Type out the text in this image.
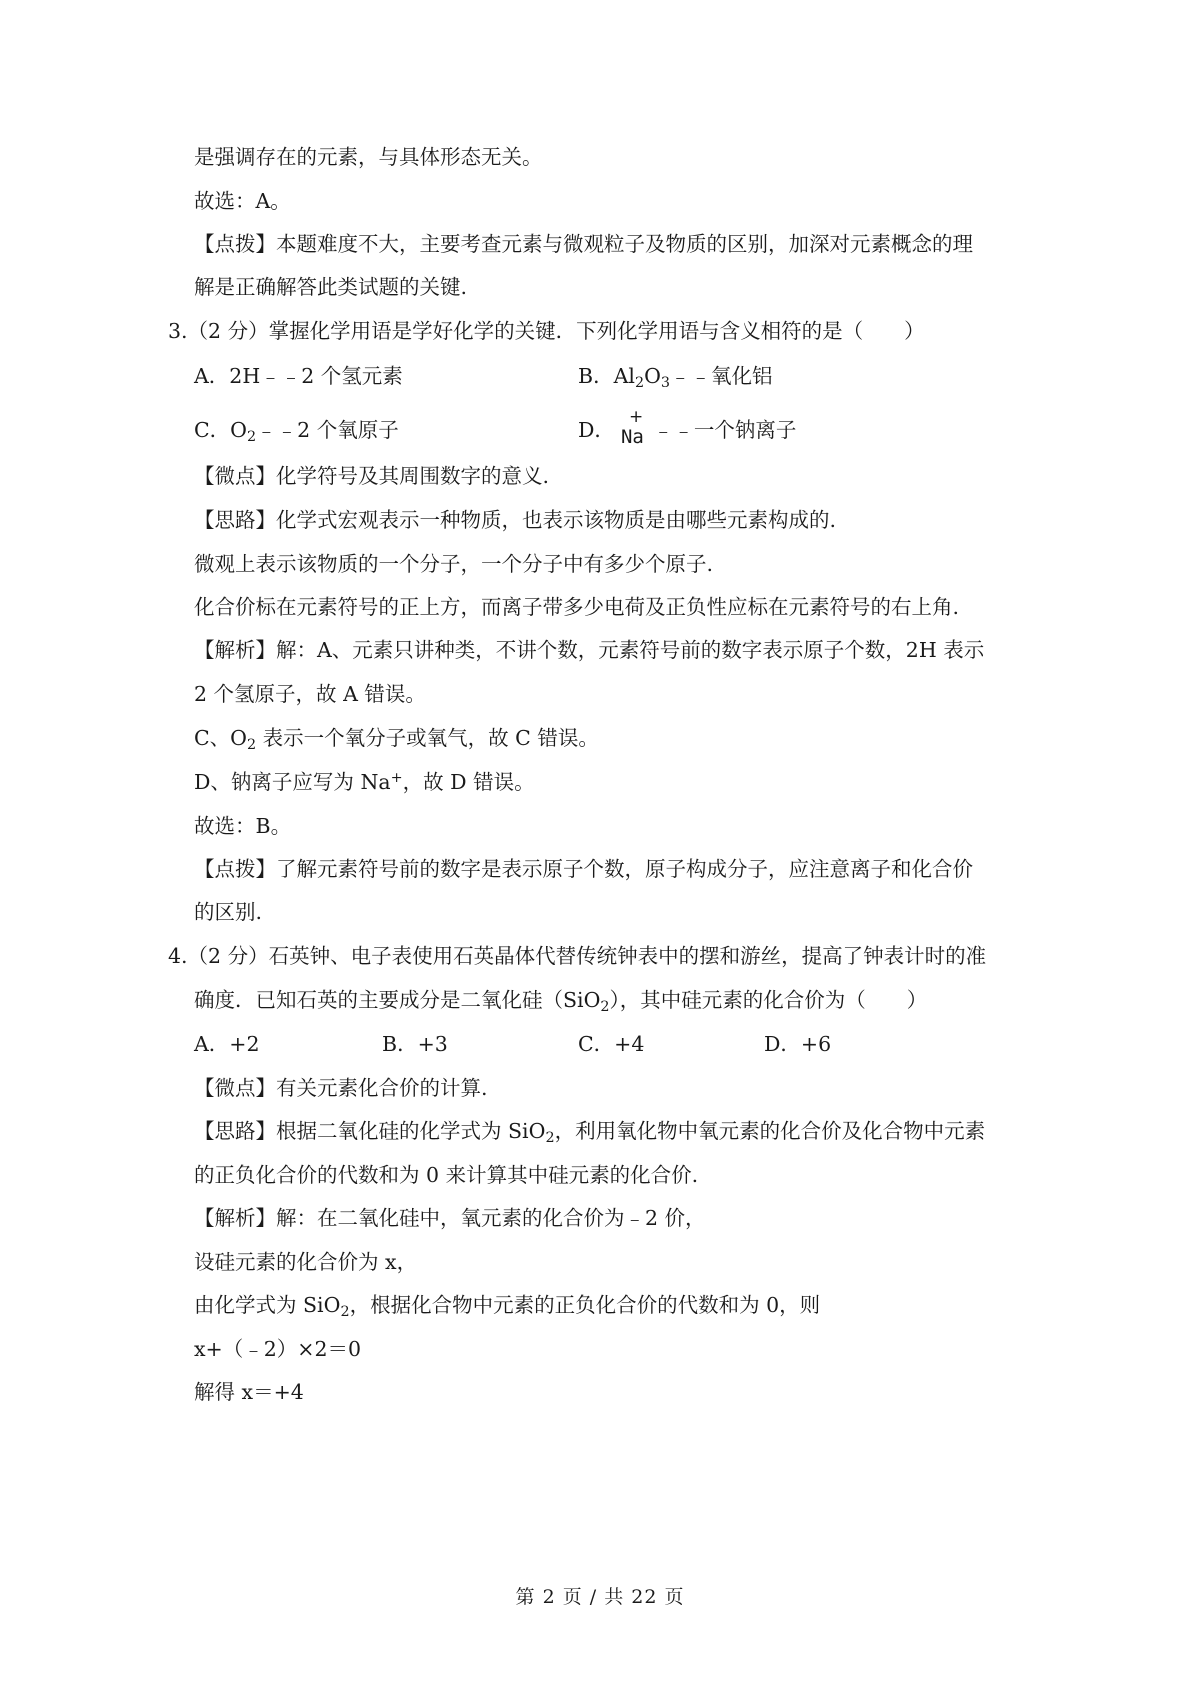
是强调存在的元素，与具体形态无关。
故选：A。
【点拨】本题难度不大，主要考查元素与微观粒子及物质的区别，加深对元素概念的理
解是正确解答此类试题的关键.
3.（2 分）掌握化学用语是学好化学的关键．下列化学用语与含义相符的是（　　）
A．2H﹣﹣2 个氢元素	B．$Al_2O_3﹣﹣$氧化铝
C．$O_2﹣﹣2$ 个氧原子	D．
+
Na ﹣﹣一个钠离子
【微点】化学符号及其周围数字的意义.
【思路】化学式宏观表示一种物质，也表示该物质是由哪些元素构成的.
微观上表示该物质的一个分子，一个分子中有多少个原子.
化合价标在元素符号的正上方，而离子带多少电荷及正负性应标在元素符号的右上角.
【解析】解：A、元素只讲种类，不讲个数，元素符号前的数字表示原子个数，2H 表示
2 个氢原子，故 A 错误。
C、$O_2$ 表示一个氧分子或氧气，故 C 错误。
D、钠离子应写为 Na+，故 D 错误。
故选：B。
【点拨】了解元素符号前的数字是表示原子个数，原子构成分子，应注意离子和化合价
的区别.
4.（2 分）石英钟、电子表使用石英晶体代替传统钟表中的摆和游丝，提高了钟表计时的准
确度．已知石英的主要成分是二氧化硅（SiO$_2$），其中硅元素的化合价为（　　）
A．+2	B．+3	C．+4	D．+6
【微点】有关元素化合价的计算.
【思路】根据二氧化硅的化学式为 SiO$_2$，利用氧化物中氧元素的化合价及化合物中元素
的正负化合价的代数和为 0 来计算其中硅元素的化合价.
【解析】解：在二氧化硅中，氧元素的化合价为﹣2 价，
设硅元素的化合价为 x，
由化学式为 SiO$_2$，根据化合物中元素的正负化合价的代数和为 0，则
x+（﹣2）×2＝0
解得 x＝+4
第 2 页 / 共 22 页
